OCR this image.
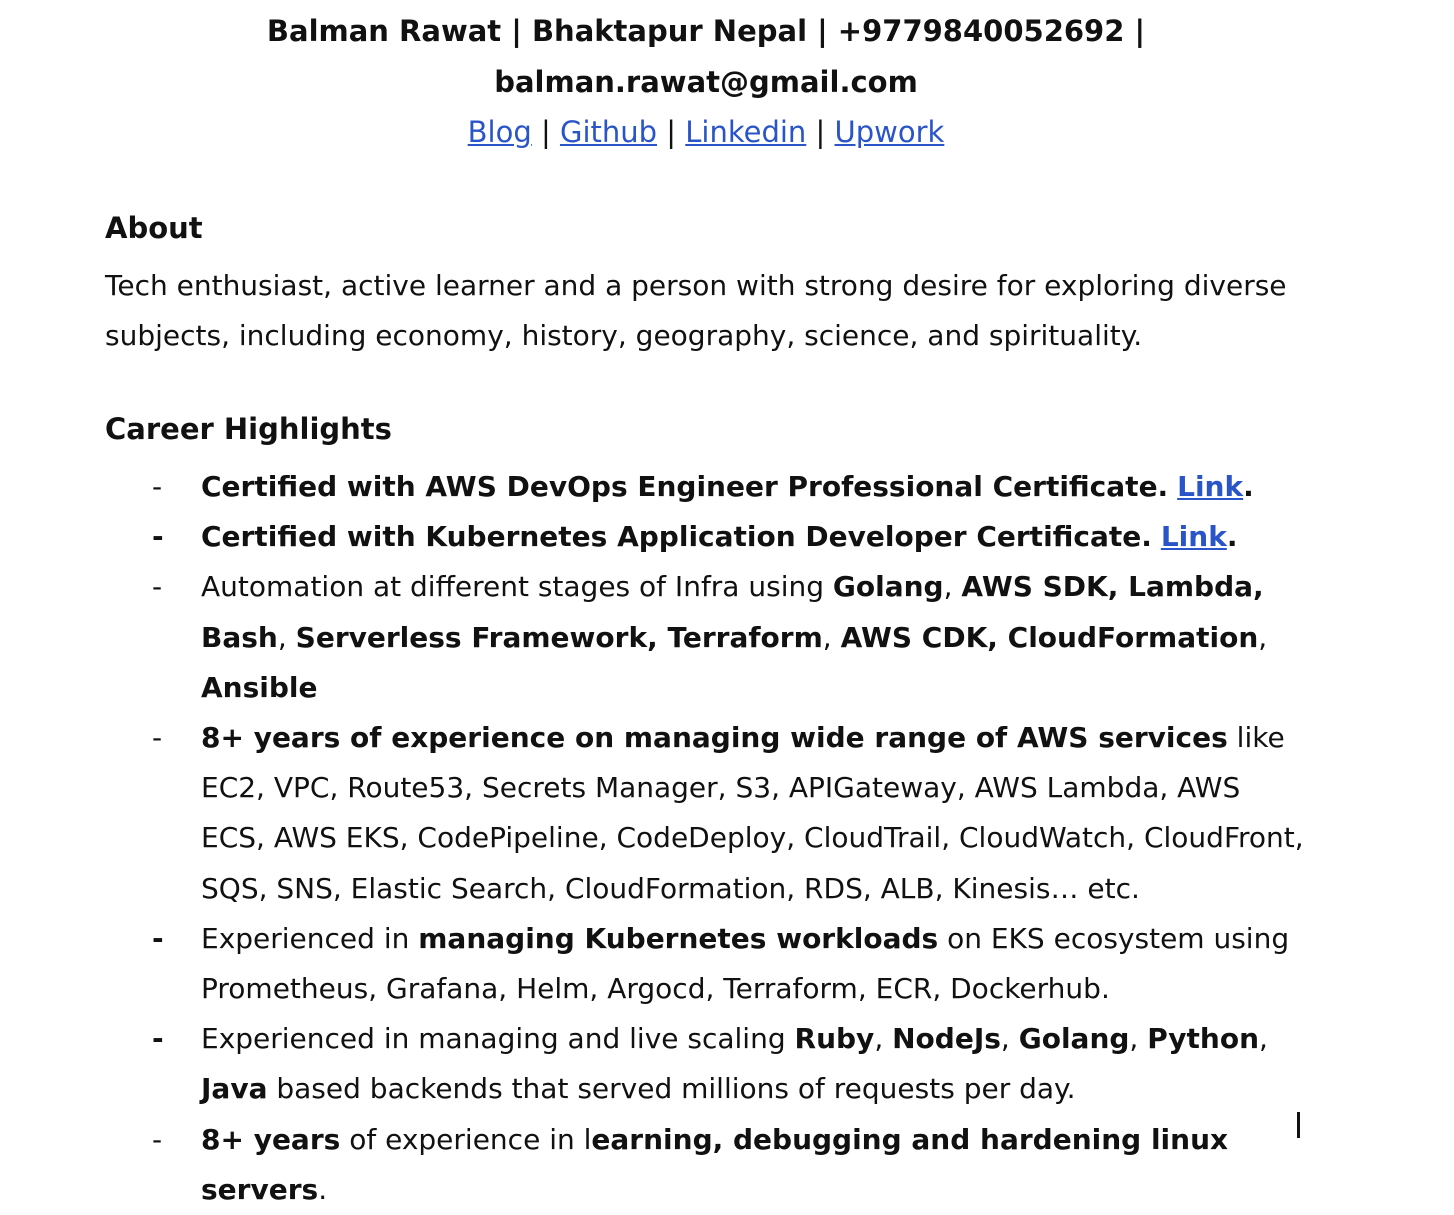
Balman Rawat | Bhaktapur Nepal | +9779840052692 |
balman.rawat@gmail.com
Blog | Github | Linkedin | Upwork
About

Tech enthusiast, active learner and a person with strong desire for exploring diverse subjects, including economy, history, geography, science, and spirituality.

Career Highlights
- Certified with AWS DevOps Engineer Professional Certificate. Link.
- Certified with Kubernetes Application Developer Certificate. Link.
- Automation at different stages of Infra using Golang, AWS SDK, Lambda, Bash, Serverless Framework, Terraform, AWS CDK, CloudFormation, Ansible
- 8+ years of experience on managing wide range of AWS services like EC2, VPC, Route53, Secrets Manager, S3, APIGateway, AWS Lambda, AWS ECS, AWS EKS, CodePipeline, CodeDeploy, CloudTrail, CloudWatch, CloudFront, SQS, SNS, Elastic Search, CloudFormation, RDS, ALB, Kinesis… etc.
- Experienced in managing Kubernetes workloads on EKS ecosystem using Prometheus, Grafana, Helm, Argocd, Terraform, ECR, Dockerhub.
- Experienced in managing and live scaling Ruby, NodeJs, Golang, Python, Java based backends that served millions of requests per day.
- 8+ years of experience in learning, debugging and hardening linux servers.
